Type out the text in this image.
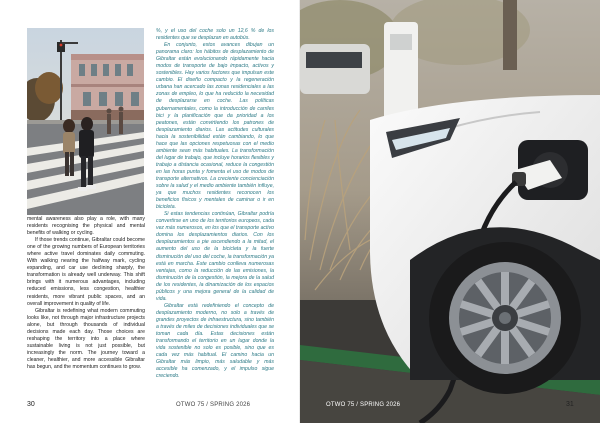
mental awareness also play a role, with many residents recognising the physical and mental benefits of walking or cycling.

If those trends continue, Gibraltar could become one of the growing numbers of European territories where active travel dominates daily commuting. With walking nearing the halfway mark, cycling expanding, and car use declining sharply, the transformation is already well underway. This shift brings with it numerous advantages, including reduced emissions, less congestion, healthier residents, more vibrant public spaces, and an overall improvement in quality of life.

Gibraltar is redefining what modern commuting looks like, not through major infrastructure projects alone, but through thousands of individual decisions made each day. Those choices are reshaping the territory into a place where sustainable living is not just possible, but increasingly the norm. The journey toward a cleaner, healthier, and more accessible Gibraltar has begun, and the momentum continues to grow.

%, y el uso del coche solo un 12,6 % de los residentes que se desplazan en autobús.

En conjunto, estos avances dibujan un panorama claro: los hábitos de desplazamiento de Gibraltar están evolucionando rápidamente hacia modos de transporte de bajo impacto, activos y sostenibles. Hay varios factores que impulsan este cambio. El diseño compacto y la regeneración urbana han acercado las zonas residenciales a las zonas de empleo, lo que ha reducido la necesidad de desplazarse en coche. Las políticas gubernamentales, como la introducción de carriles bici y la planificación que da prioridad a los peatones, están convirtiendo los patrones de desplazamiento diarios. Las actitudes culturales hacia la sostenibilidad están cambiando, lo que hace que las opciones respetuosas con el medio ambiente sean más habituales. La transformación del lugar de trabajo, que incluye horarios flexibles y trabajo a distancia ocasional, reduce la congestión en las horas punta y fomenta el uso de modos de transporte alternativos. La creciente concienciación sobre la salud y el medio ambiente también influye, ya que muchos residentes reconocen los beneficios físicos y mentales de caminar o ir en bicicleta.

Si estas tendencias continúan, Gibraltar podría convertirse en uno de los territorios europeos, cada vez más numerosos, en los que el transporte activo domina los desplazamientos diarios. Con los desplazamientos a pie ascendiendo a la mitad, el aumento del uso de la bicicleta y la fuerte disminución del uso del coche, la transformación ya está en marcha. Este cambio conlleva numerosas ventajas, como la reducción de las emisiones, la disminución de la congestión, la mejora de la salud de los residentes, la dinamización de los espacios públicos y una mejora general de la calidad de vida.

Gibraltar está redefiniendo el concepto de desplazamiento moderno, no solo a través de grandes proyectos de infraestructura, sino también a través de miles de decisiones individuales que se toman cada día. Estas decisiones están transformando el territorio en un lugar donde la vida sostenible no solo es posible, sino que es cada vez más habitual. El camino hacia un Gibraltar más limpio, más saludable y más accesible ha comenzado, y el impulso sigue creciendo.

30	OTWO 75 / SPRING 2026	OTWO 75 / SPRING 2026	31
